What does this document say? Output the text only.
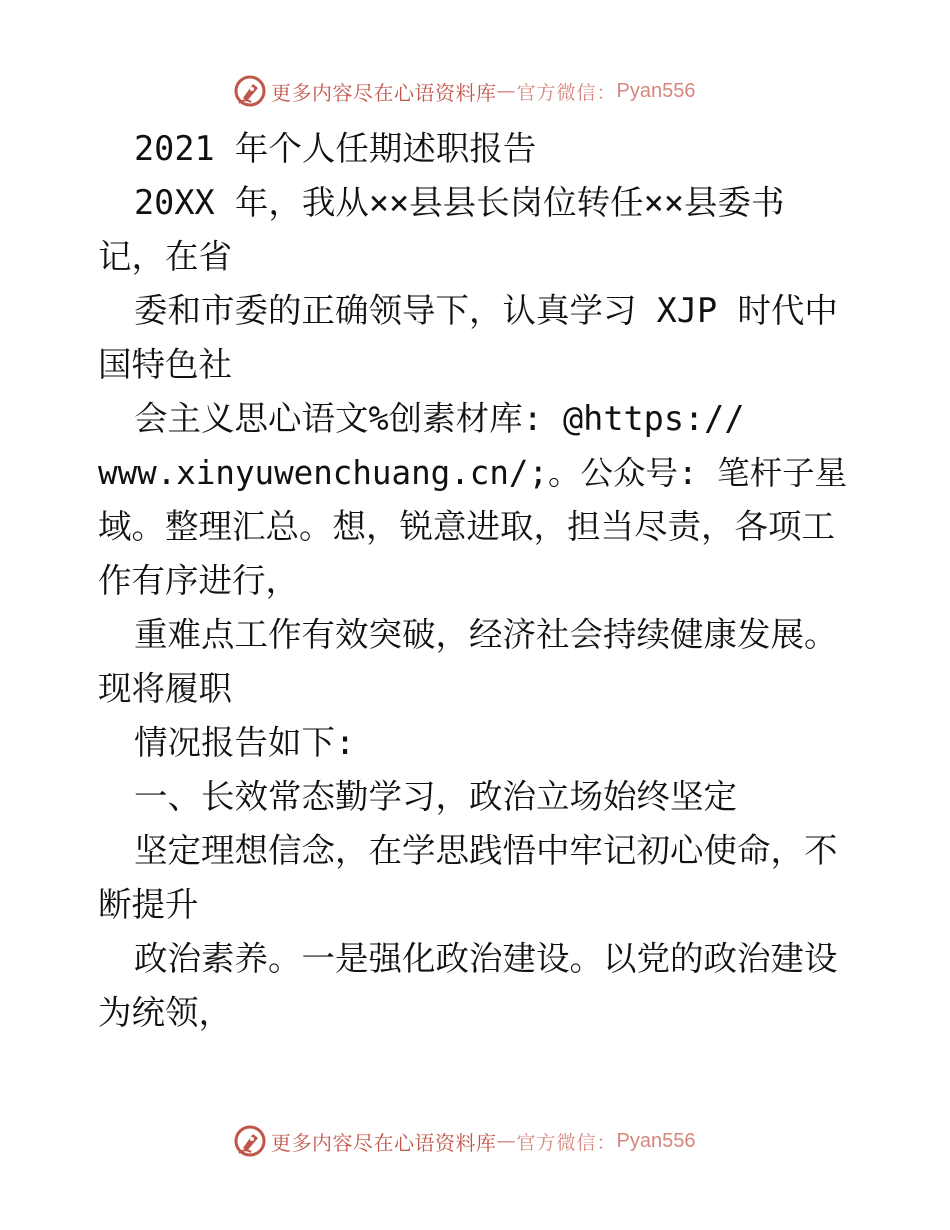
更多内容尽在心语资料库 — 官方微信： Pyan556
2021 年个人任期述职报告
20XX 年，我从××县县长岗位转任××县委书
记，在省
委和市委的正确领导下，认真学习 XJP 时代中
国特色社
会主义思心语文%创素材库: @https://
www.xinyuwenchuang.cn/;。公众号: 笔杆子星
域。整理汇总。想，锐意进取，担当尽责，各项工
作有序进行，
重难点工作有效突破，经济社会持续健康发展。
现将履职
情况报告如下:
一、长效常态勤学习，政治立场始终坚定
坚定理想信念，在学思践悟中牢记初心使命，不
断提升
政治素养。一是强化政治建设。以党的政治建设
为统领，
更多内容尽在心语资料库 — 官方微信： Pyan556
